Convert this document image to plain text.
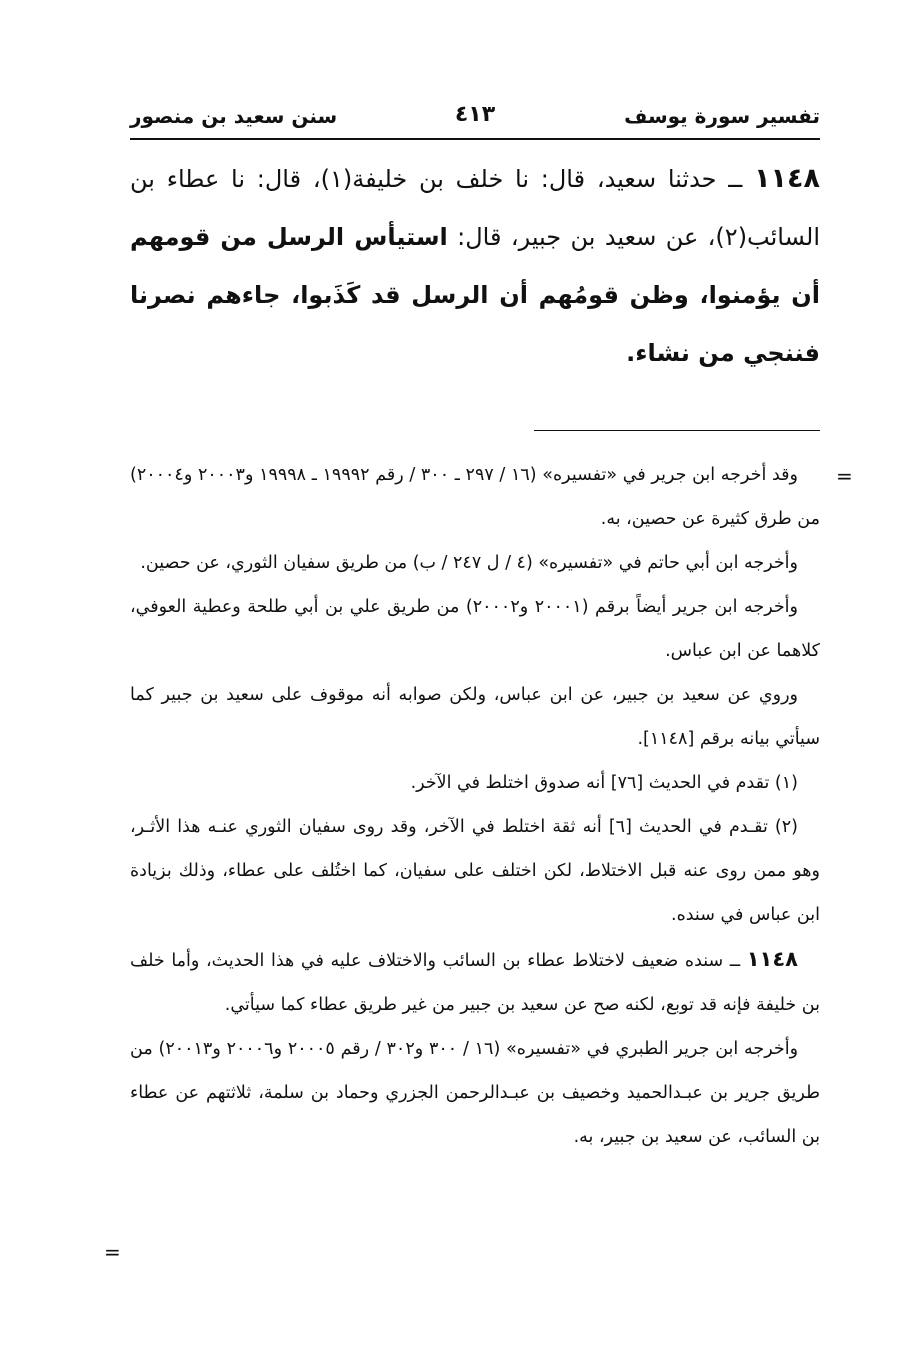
تفسير سورة يوسف
٤١٣
سنن سعيد بن منصور
١١٤٨ ــ حدثنا سعيد، قال: نا خلف بن خليفة(١)، قال: نا عطاء بن السائب(٢)، عن سعيد بن جبير، قال: استيأس الرسل من قومهم أن يؤمنوا، وظن قومُهم أن الرسل قد كَذَبوا، جاءهم نصرنا فننجي من نشاء.

وقد أخرجه ابن جرير في «تفسيره» (١٦ / ٢٩٧ ـ ٣٠٠ / رقم ١٩٩٩٢ ـ ١٩٩٩٨ و٢٠٠٠٣ و٢٠٠٠٤) من طرق كثيرة عن حصين، به.

وأخرجه ابن أبي حاتم في «تفسيره» (٤ / ل ٢٤٧ / ب) من طريق سفيان الثوري، عن حصين.

وأخرجه ابن جرير أيضاً برقم (٢٠٠٠١ و٢٠٠٠٢) من طريق علي بن أبي طلحة وعطية العوفي، كلاهما عن ابن عباس.

وروي عن سعيد بن جبير، عن ابن عباس، ولكن صوابه أنه موقوف على سعيد بن جبير كما سيأتي بيانه برقم [١١٤٨].

(١) تقدم في الحديث [٧٦] أنه صدوق اختلط في الآخر.

(٢) تقـدم في الحديث [٦] أنه ثقة اختلط في الآخر، وقد روى سفيان الثوري عنـه هذا الأثـر، وهو ممن روى عنه قبل الاختلاط، لكن اختلف على سفيان، كما اختُلف على عطاء، وذلك بزيادة ابن عباس في سنده.

١١٤٨ ــ سنده ضعيف لاختلاط عطاء بن السائب والاختلاف عليه في هذا الحديث، وأما خلف بن خليفة فإنه قد توبع، لكنه صح عن سعيد بن جبير من غير طريق عطاء كما سيأتي.

وأخرجه ابن جرير الطبري في «تفسيره» (١٦ / ٣٠٠ و٣٠٢ / رقم ٢٠٠٠٥ و٢٠٠٠٦ و٢٠٠١٣) من طريق جرير بن عبـدالحميد وخصيف بن عبـدالرحمن الجزري وحماد بن سلمة، ثلاثتهم عن عطاء بن السائب، عن سعيد بن جبير، به.

=
=
